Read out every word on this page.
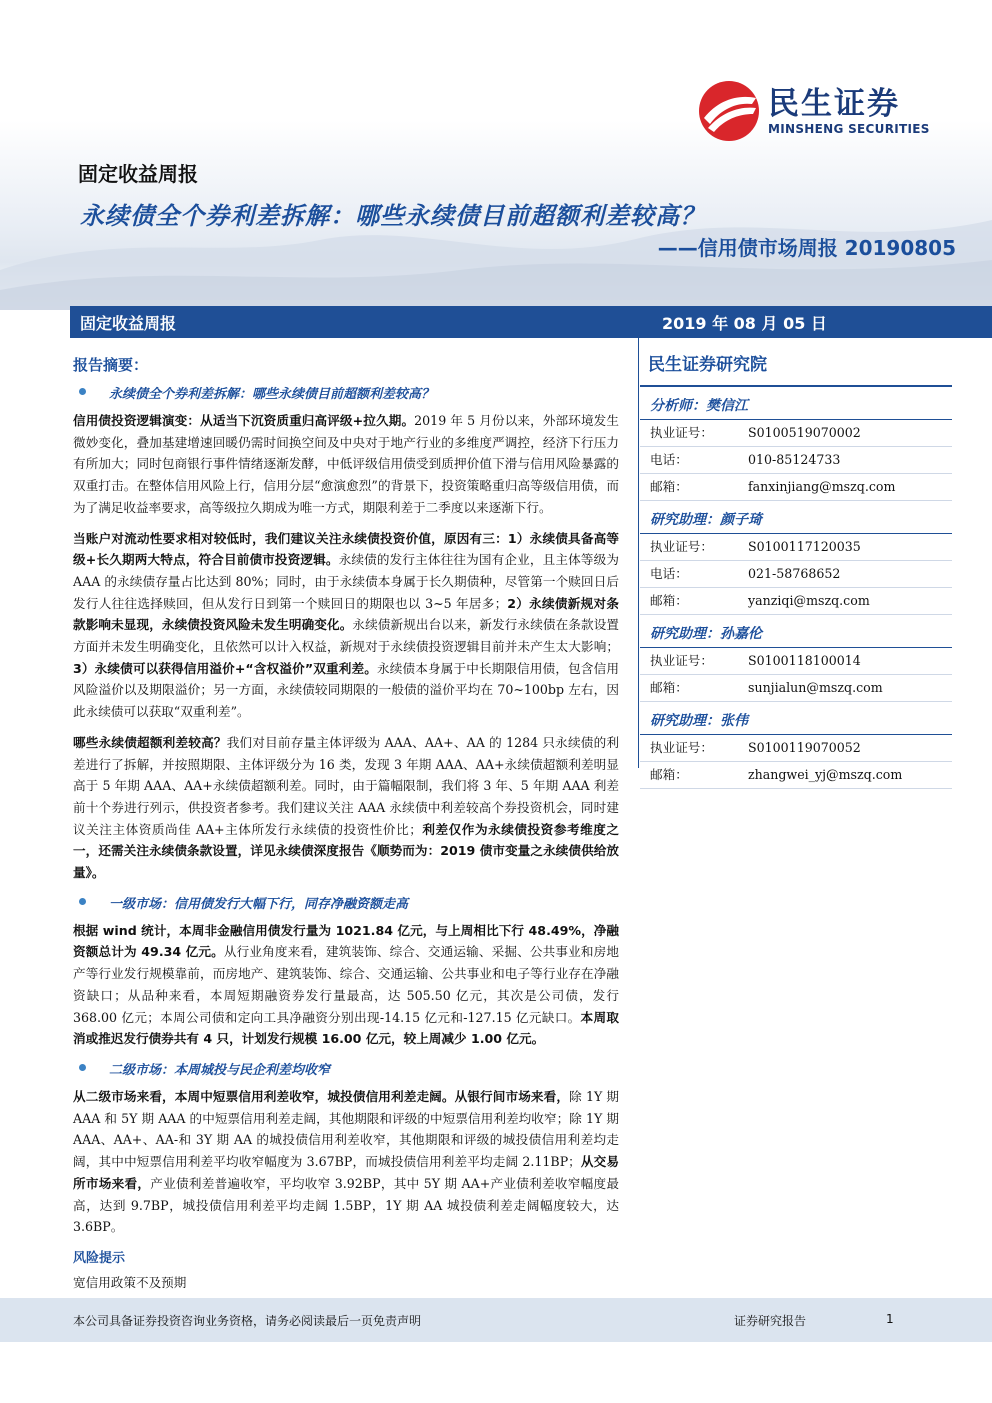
民生证券
MINSHENG SECURITIES
固定收益周报
永续债全个券利差拆解：哪些永续债目前超额利差较高？
——信用债市场周报 20190805
固定收益周报	2019 年 08 月 05 日
报告摘要：
永续债全个券利差拆解：哪些永续债目前超额利差较高？

信用债投资逻辑演变：从适当下沉资质重归高评级+拉久期。2019 年 5 月份以来，外部环境发生微妙变化，叠加基建增速回暖仍需时间换空间及中央对于地产行业的多维度严调控，经济下行压力有所加大；同时包商银行事件情绪逐渐发酵，中低评级信用债受到质押价值下滑与信用风险暴露的双重打击。在整体信用风险上行，信用分层“愈演愈烈”的背景下，投资策略重归高等级信用债，而为了满足收益率要求，高等级拉久期成为唯一方式，期限利差于二季度以来逐渐下行。

当账户对流动性要求相对较低时，我们建议关注永续债投资价值，原因有三：1）永续债具备高等级+长久期两大特点，符合目前债市投资逻辑。永续债的发行主体往往为国有企业，且主体等级为 AAA 的永续债存量占比达到 80%；同时，由于永续债本身属于长久期债种，尽管第一个赎回日后发行人往往选择赎回，但从发行日到第一个赎回日的期限也以 3~5 年居多；2）永续债新规对条款影响未显现，永续债投资风险未发生明确变化。永续债新规出台以来，新发行永续债在条款设置方面并未发生明确变化，且依然可以计入权益，新规对于永续债投资逻辑目前并未产生太大影响；3）永续债可以获得信用溢价+“含权溢价”双重利差。永续债本身属于中长期限信用债，包含信用风险溢价以及期限溢价；另一方面，永续债较同期限的一般债的溢价平均在 70~100bp 左右，因此永续债可以获取“双重利差”。

哪些永续债超额利差较高？我们对目前存量主体评级为 AAA、AA+、AA 的 1284 只永续债的利差进行了拆解，并按照期限、主体评级分为 16 类，发现 3 年期 AAA、AA+永续债超额利差明显高于 5 年期 AAA、AA+永续债超额利差。同时，由于篇幅限制，我们将 3 年、5 年期 AAA 利差前十个券进行列示，供投资者参考。我们建议关注 AAA 永续债中利差较高个券投资机会，同时建议关注主体资质尚佳 AA+主体所发行永续债的投资性价比；利差仅作为永续债投资参考维度之一，还需关注永续债条款设置，详见永续债深度报告《顺势而为：2019 债市变量之永续债供给放量》。

一级市场：信用债发行大幅下行，同存净融资额走高

根据 wind 统计，本周非金融信用债发行量为 1021.84 亿元，与上周相比下行 48.49%，净融资额总计为 49.34 亿元。从行业角度来看，建筑装饰、综合、交通运输、采掘、公共事业和房地产等行业发行规模靠前，而房地产、建筑装饰、综合、交通运输、公共事业和电子等行业存在净融资缺口；从品种来看，本周短期融资券发行量最高，达 505.50 亿元，其次是公司债，发行 368.00 亿元；本周公司债和定向工具净融资分别出现-14.15 亿元和-127.15 亿元缺口。本周取消或推迟发行债券共有 4 只，计划发行规模 16.00 亿元，较上周减少 1.00 亿元。

二级市场：本周城投与民企利差均收窄

从二级市场来看，本周中短票信用利差收窄，城投债信用利差走阔。从银行间市场来看，除 1Y 期 AAA 和 5Y 期 AAA 的中短票信用利差走阔，其他期限和评级的中短票信用利差均收窄；除 1Y 期 AAA、AA+、AA-和 3Y 期 AA 的城投债信用利差收窄，其他期限和评级的城投债信用利差均走阔，其中中短票信用利差平均收窄幅度为 3.67BP，而城投债信用利差平均走阔 2.11BP；从交易所市场来看，产业债利差普遍收窄，平均收窄 3.92BP，其中 5Y 期 AA+产业债利差收窄幅度最高，达到 9.7BP，城投债信用利差平均走阔 1.5BP，1Y 期 AA 城投债利差走阔幅度较大，达 3.6BP。

风险提示
宽信用政策不及预期
民生证券研究院
分析师：樊信江
执业证号：	S0100519070002
电话：	010-85124733
邮箱：	fanxinjiang@mszq.com
研究助理：颜子琦
执业证号：	S0100117120035
电话：	021-58768652
邮箱：	yanziqi@mszq.com
研究助理：孙嘉伦
执业证号：	S0100118100014
邮箱：	sunjialun@mszq.com
研究助理：张伟
执业证号：	S0100119070052
邮箱：	zhangwei_yj@mszq.com
本公司具备证券投资咨询业务资格，请务必阅读最后一页免责声明	证券研究报告	1
